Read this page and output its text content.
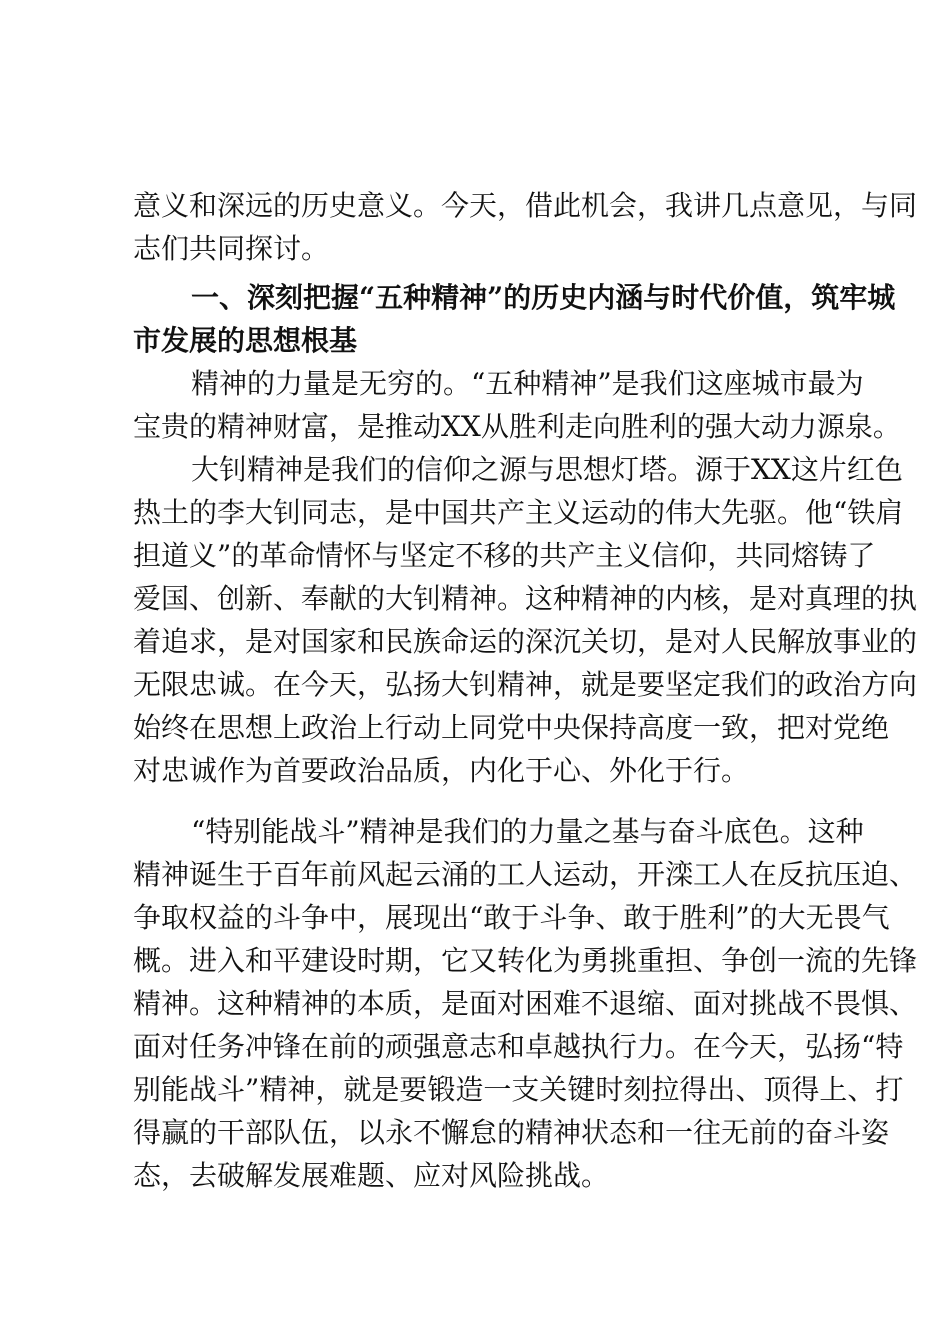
意义和深远的历史意义。今天，借此机会，我讲几点意见，与同
志们共同探讨。
一、深刻把握“五种精神”的历史内涵与时代价值，筑牢城
市发展的思想根基
精神的力量是无穷的。“五种精神”是我们这座城市最为
宝贵的精神财富，是推动XX从胜利走向胜利的强大动力源泉。
大钊精神是我们的信仰之源与思想灯塔。源于XX这片红色
热土的李大钊同志，是中国共产主义运动的伟大先驱。他“铁肩
担道义”的革命情怀与坚定不移的共产主义信仰，共同熔铸了
爱国、创新、奉献的大钊精神。这种精神的内核，是对真理的执
着追求，是对国家和民族命运的深沉关切，是对人民解放事业的
无限忠诚。在今天，弘扬大钊精神，就是要坚定我们的政治方向
始终在思想上政治上行动上同党中央保持高度一致，把对党绝
对忠诚作为首要政治品质，内化于心、外化于行。
“特别能战斗”精神是我们的力量之基与奋斗底色。这种
精神诞生于百年前风起云涌的工人运动，开滦工人在反抗压迫、
争取权益的斗争中，展现出“敢于斗争、敢于胜利”的大无畏气
概。进入和平建设时期，它又转化为勇挑重担、争创一流的先锋
精神。这种精神的本质，是面对困难不退缩、面对挑战不畏惧、
面对任务冲锋在前的顽强意志和卓越执行力。在今天，弘扬“特
别能战斗”精神，就是要锻造一支关键时刻拉得出、顶得上、打
得赢的干部队伍，以永不懈怠的精神状态和一往无前的奋斗姿
态，去破解发展难题、应对风险挑战。
